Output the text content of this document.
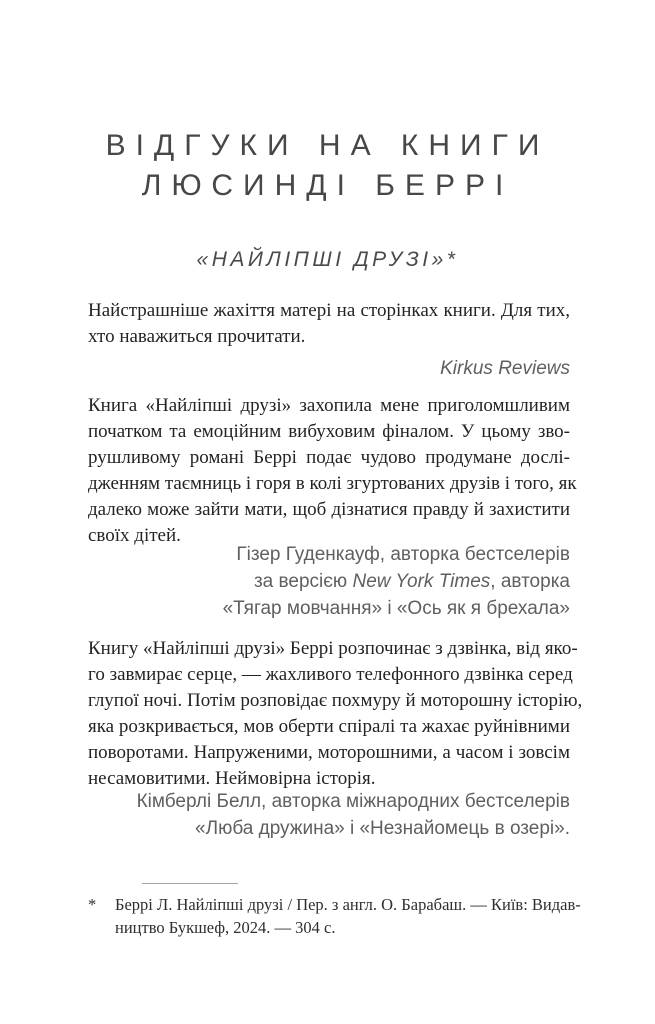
ВІДГУКИ НА КНИГИ
ЛЮСИНДІ БЕРРІ
«НАЙЛІПШІ ДРУЗІ»*
Найстрашніше жахіття матері на сторінках книги. Для тих,
хто наважиться прочитати.
Kirkus Reviews
Книга «Найліпші друзі» захопила мене приголомшливим
початком та емоційним вибуховим фіналом. У цьому зво-
рушливому романі Беррі подає чудово продумане дослі-
дженням таємниць і горя в колі згуртованих друзів і того, як
далеко може зайти мати, щоб дізнатися правду й захистити
своїх дітей.
Гізер Гуденкауф, авторка бестселерів
за версією New York Times, авторка
«Тягар мовчання» і «Ось як я брехала»
Книгу «Найліпші друзі» Беррі розпочинає з дзвінка, від яко-
го завмирає серце, — жахливого телефонного дзвінка серед
глупої ночі. Потім розповідає похмуру й моторошну історію,
яка розкривається, мов оберти спіралі та жахає руйнівними
поворотами. Напруженими, моторошними, а часом і зовсім
несамовитими. Неймовірна історія.
Кімберлі Белл, авторка міжнародних бестселерів
«Люба дружина» і «Незнайомець в озері».
*	Беррі Л. Найліпші друзі / Пер. з англ. О. Барабаш. — Київ: Видав-
ництво Букшеф, 2024. — 304 с.
